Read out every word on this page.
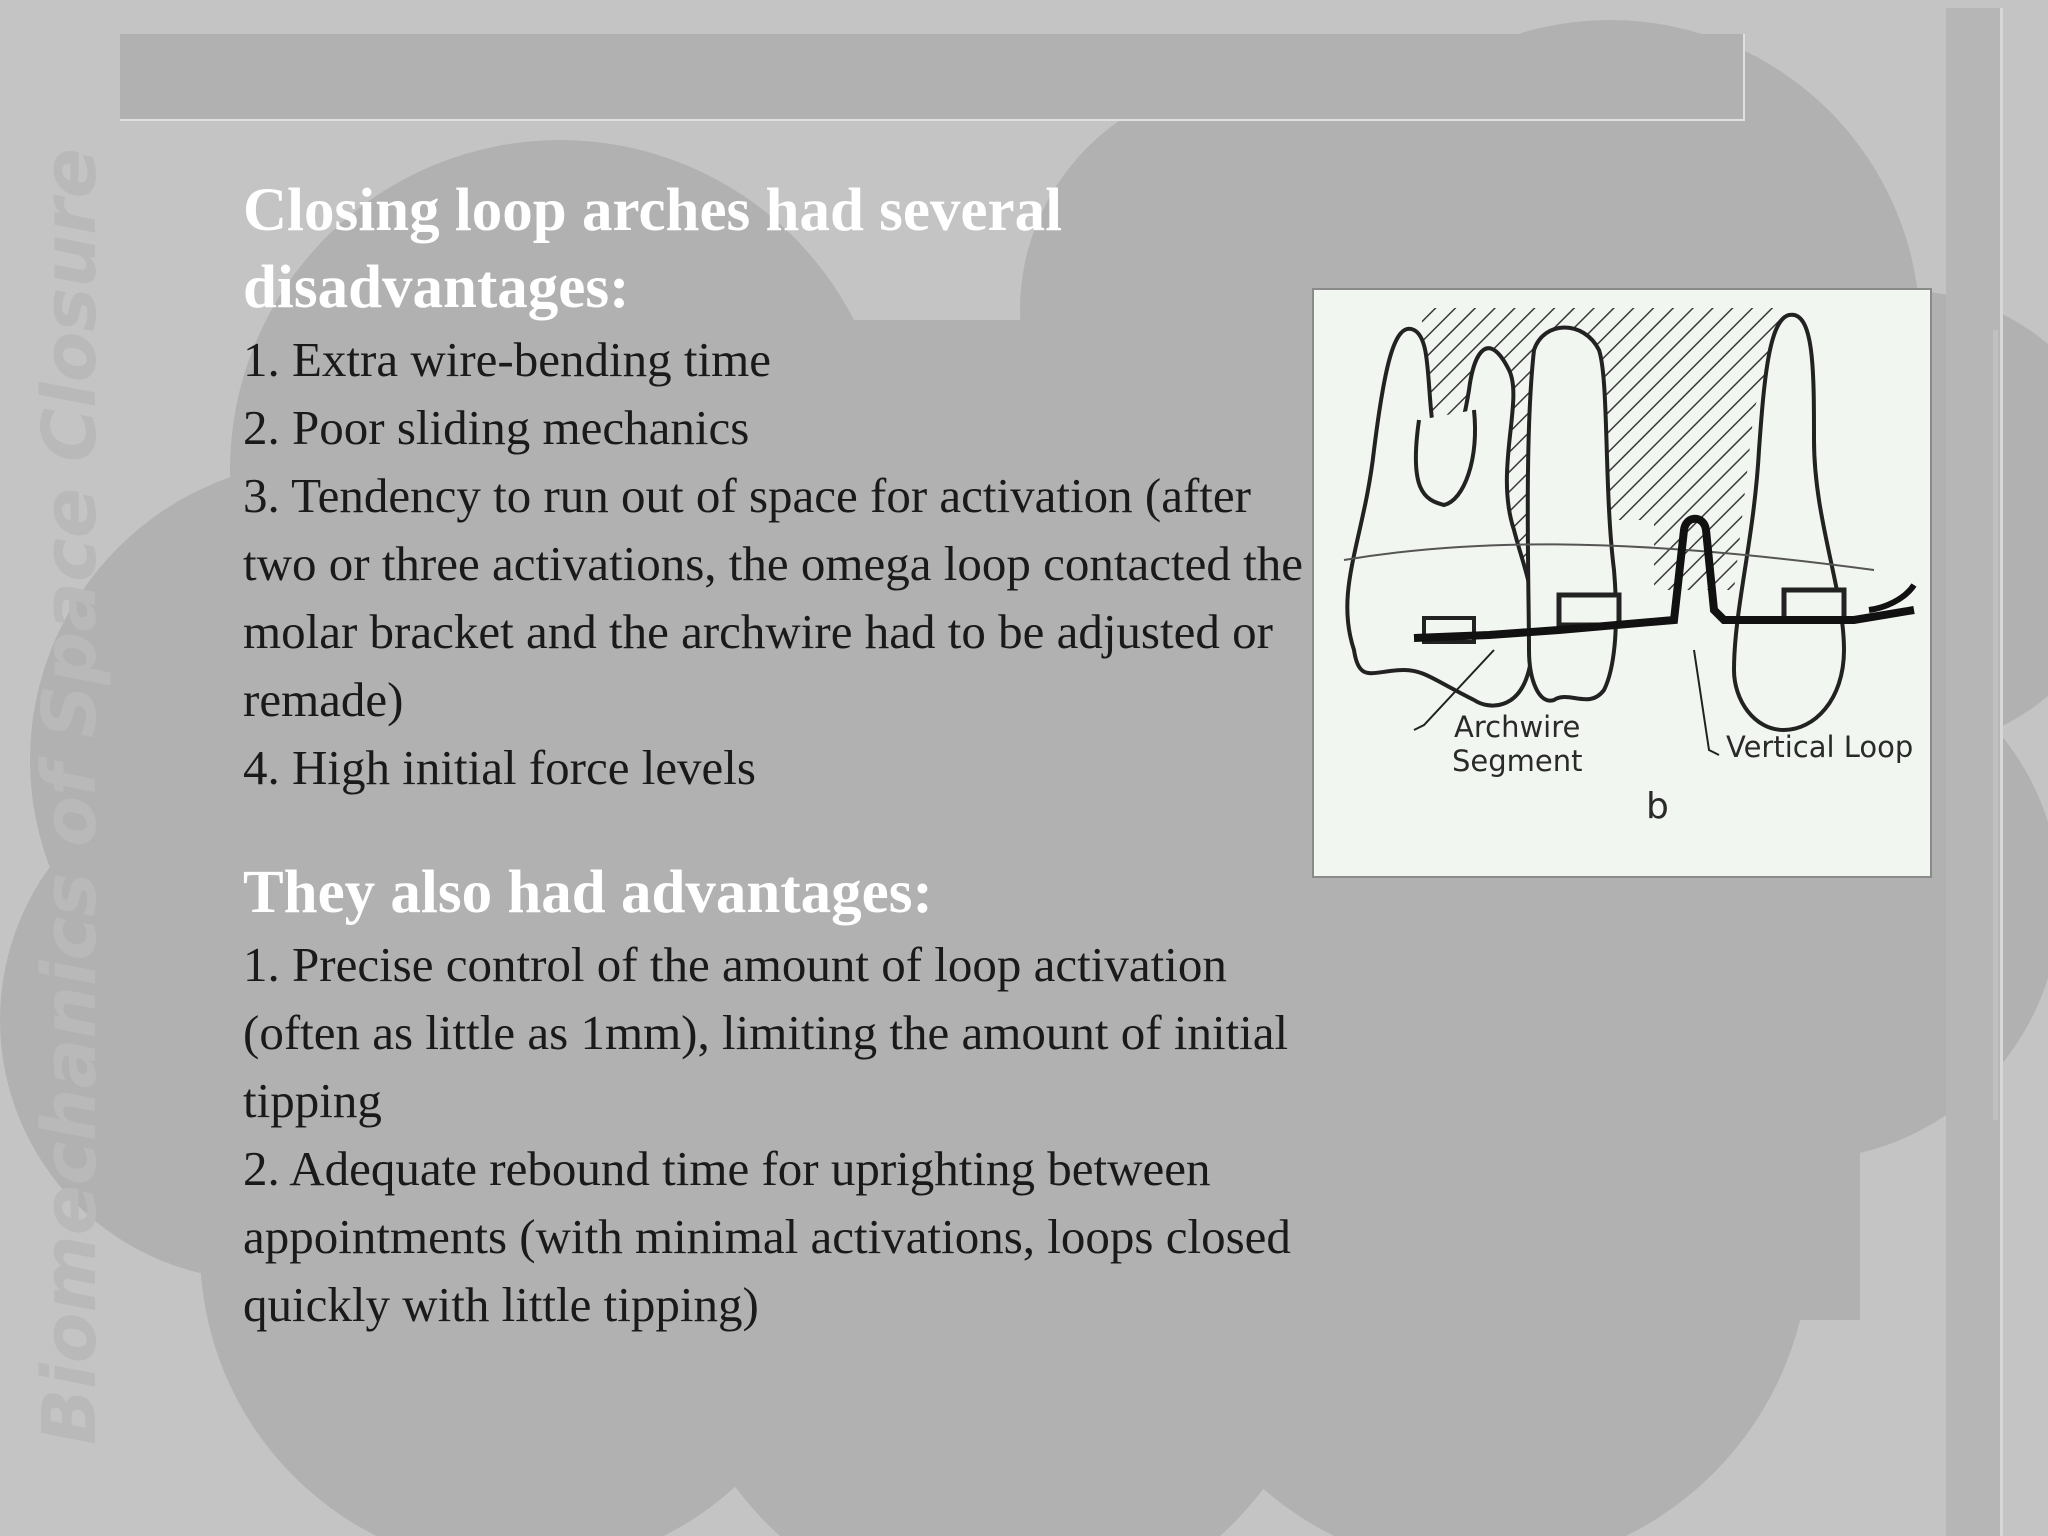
Biomechanics of Space Closure Closing loop arches had several disadvantages:

1. Extra wire-bending time

2. Poor sliding mechanics

3. Tendency to run out of space for activation (after two or three activations, the omega loop contacted the molar bracket and the archwire had to be adjusted or remade)

4. High initial force levels

They also had advantages:

1. Precise control of the amount of loop activation (often as little as 1mm), limiting the amount of initial tipping

2. Adequate rebound time for uprighting between appointments (with minimal activations, loops closed quickly with little tipping)

Archwire
Segment	Vertical Loop
b
